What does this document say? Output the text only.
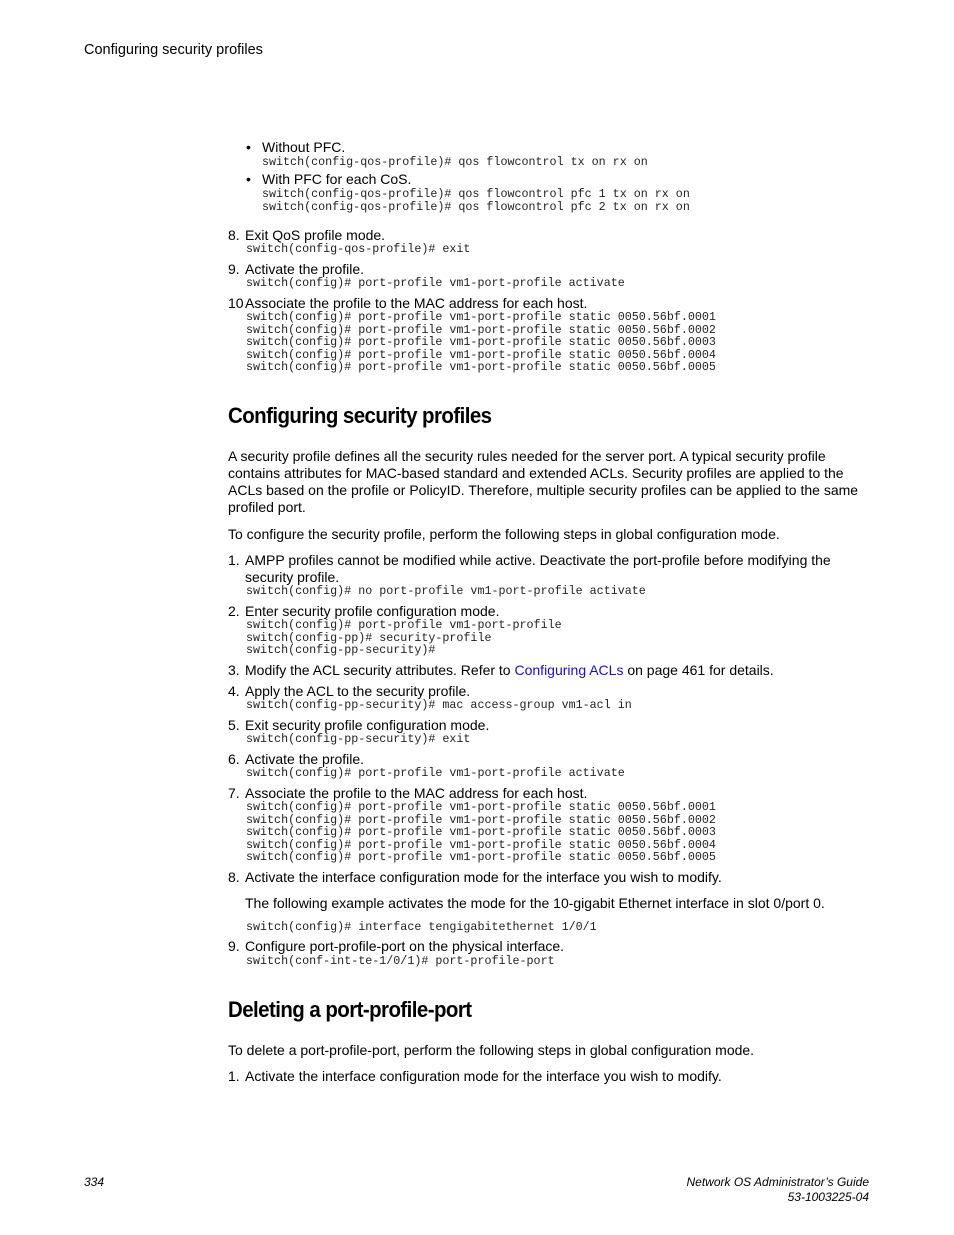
Configuring security profiles
• Without PFC.
switch(config-qos-profile)# qos flowcontrol tx on rx on
• With PFC for each CoS.
switch(config-qos-profile)# qos flowcontrol pfc 1 tx on rx on
switch(config-qos-profile)# qos flowcontrol pfc 2 tx on rx on
8. Exit QoS profile mode.
switch(config-qos-profile)# exit
9. Activate the profile.
switch(config)# port-profile vm1-port-profile activate
10 Associate the profile to the MAC address for each host.
switch(config)# port-profile vm1-port-profile static 0050.56bf.0001
switch(config)# port-profile vm1-port-profile static 0050.56bf.0002
switch(config)# port-profile vm1-port-profile static 0050.56bf.0003
switch(config)# port-profile vm1-port-profile static 0050.56bf.0004
switch(config)# port-profile vm1-port-profile static 0050.56bf.0005
Configuring security profiles
A security profile defines all the security rules needed for the server port. A typical security profile contains attributes for MAC-based standard and extended ACLs. Security profiles are applied to the ACLs based on the profile or PolicyID. Therefore, multiple security profiles can be applied to the same profiled port.
To configure the security profile, perform the following steps in global configuration mode.
1. AMPP profiles cannot be modified while active. Deactivate the port-profile before modifying the security profile.
switch(config)# no port-profile vm1-port-profile activate
2. Enter security profile configuration mode.
switch(config)# port-profile vm1-port-profile
switch(config-pp)# security-profile
switch(config-pp-security)#
3. Modify the ACL security attributes. Refer to Configuring ACLs on page 461 for details.
4. Apply the ACL to the security profile.
switch(config-pp-security)# mac access-group vm1-acl in
5. Exit security profile configuration mode.
switch(config-pp-security)# exit
6. Activate the profile.
switch(config)# port-profile vm1-port-profile activate
7. Associate the profile to the MAC address for each host.
switch(config)# port-profile vm1-port-profile static 0050.56bf.0001
switch(config)# port-profile vm1-port-profile static 0050.56bf.0002
switch(config)# port-profile vm1-port-profile static 0050.56bf.0003
switch(config)# port-profile vm1-port-profile static 0050.56bf.0004
switch(config)# port-profile vm1-port-profile static 0050.56bf.0005
8. Activate the interface configuration mode for the interface you wish to modify.
The following example activates the mode for the 10-gigabit Ethernet interface in slot 0/port 0.
switch(config)# interface tengigabitethernet 1/0/1
9. Configure port-profile-port on the physical interface.
switch(conf-int-te-1/0/1)# port-profile-port
Deleting a port-profile-port
To delete a port-profile-port, perform the following steps in global configuration mode.
1. Activate the interface configuration mode for the interface you wish to modify.
334	Network OS Administrator’s Guide
53-1003225-04
